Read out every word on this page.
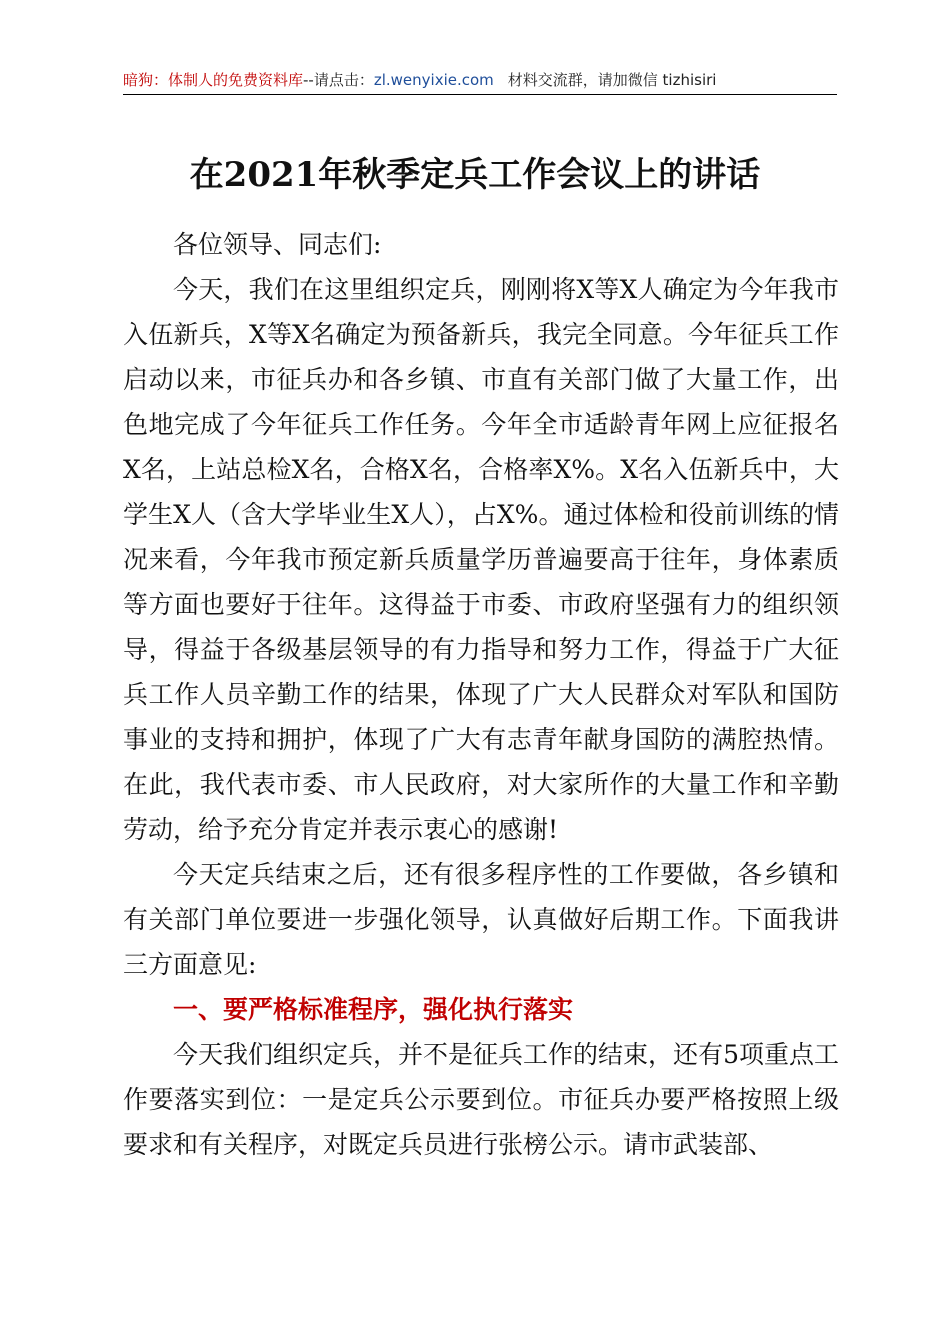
暗狗：体制人的免费资料库--请点击：zl.wenyixie.com 材料交流群，请加微信 tizhisiri
在2021年秋季定兵工作会议上的讲话

各位领导、同志们:

今天，我们在这里组织定兵，刚刚将X等X人确定为今年我市入伍新兵，X等X名确定为预备新兵，我完全同意。今年征兵工作启动以来，市征兵办和各乡镇、市直有关部门做了大量工作，出色地完成了今年征兵工作任务。今年全市适龄青年网上应征报名X名，上站总检X名，合格X名，合格率X%。X名入伍新兵中，大学生X人（含大学毕业生X人），占X%。通过体检和役前训练的情况来看，今年我市预定新兵质量学历普遍要高于往年，身体素质等方面也要好于往年。这得益于市委、市政府坚强有力的组织领导，得益于各级基层领导的有力指导和努力工作，得益于广大征兵工作人员辛勤工作的结果，体现了广大人民群众对军队和国防事业的支持和拥护，体现了广大有志青年献身国防的满腔热情。在此，我代表市委、市人民政府，对大家所作的大量工作和辛勤劳动，给予充分肯定并表示衷心的感谢!

今天定兵结束之后，还有很多程序性的工作要做，各乡镇和有关部门单位要进一步强化领导，认真做好后期工作。下面我讲三方面意见:

一、要严格标准程序，强化执行落实

今天我们组织定兵，并不是征兵工作的结束，还有5项重点工作要落实到位：一是定兵公示要到位。市征兵办要严格按照上级要求和有关程序，对既定兵员进行张榜公示。请市武装部、
